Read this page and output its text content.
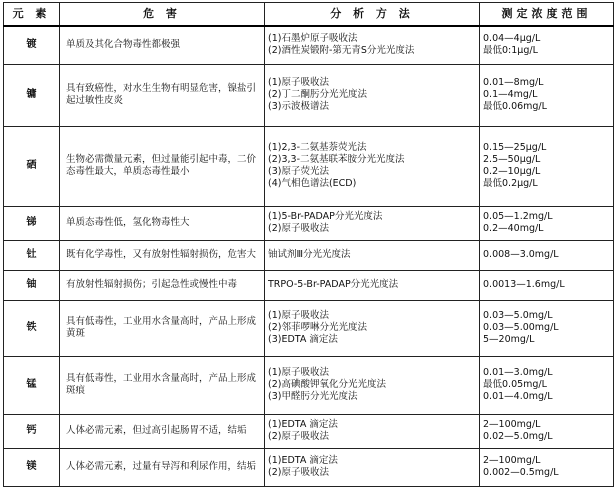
元 素	危 害	分 析 方 法	测定浓度范围
镀	单质及其化合物毒性都极强	(1)石墨炉原子吸收法
(2)酒性炭锻附-第无青S分光光度法	0.04—4μg/L
最低0:1μg/L

镛	具有致癌性，对水生生物有明显危害，镍盐引起过敏性皮炎	(1)原子吸收法
(2)丁二酮肟分光光度法
(3)示波极谱法	0.01—8mg/L
0.1—4mg/L
最低0.06mg/L

硒	生物必需微量元素，但过量能引起中毒，二价态毒性最大，单质态毒性最小	(1)2,3-二氨基萘荧光法
(2)3,3-二氨基联苯胺分光光度法
(3)原子荧光法
(4)气相色谱法(ECD)	0.15—25μg/L
2.5—50μg/L
0.2—10μg/L
最低0.2μg/L

锑	单质态毒性低，氢化物毒性大	(1)5-Br-PADAP分光光度法
(2)原子吸收法	0.05—1.2mg/L
0.2—40mg/L

钍	既有化学毒性，又有放射性辐射损伤，危害大	铀试剂Ⅲ分光光度法	0.008—3.0mg/L

铀	有放射性辐射损伤；引起急性或慢性中毒	TRPO-5-Br-PADAP分光光度法	0.0013—1.6mg/L

铁	具有低毒性，工业用水含量高时，产品上形成黄斑	(1)原子吸收法
(2)邻菲啰啉分光光度法
(3)EDTA 滴定法	0.03—5.0mg/L
0.03—5.00mg/L
5—20mg/L

锰	具有低毒性，工业用水含量高时，产品上形成斑痕	(1)原子吸收法
(2)高碘酸钾氧化分光光度法
(3)甲醛肟分光光度法	0.01—3.0mg/L
最低0.05mg/L
0.01—4.0mg/L

钙	人体必需元素，但过高引起肠胃不适，结垢	(1)EDTA 滴定法
(2)原子吸收法	2—100mg/L
0.02—5.0mg/L

镁	人体必需元素，过量有导泻和利尿作用，结垢	(1)EDTA 滴定法
(2)原子吸收法	2—100mg/L
0.002—0.5mg/L
